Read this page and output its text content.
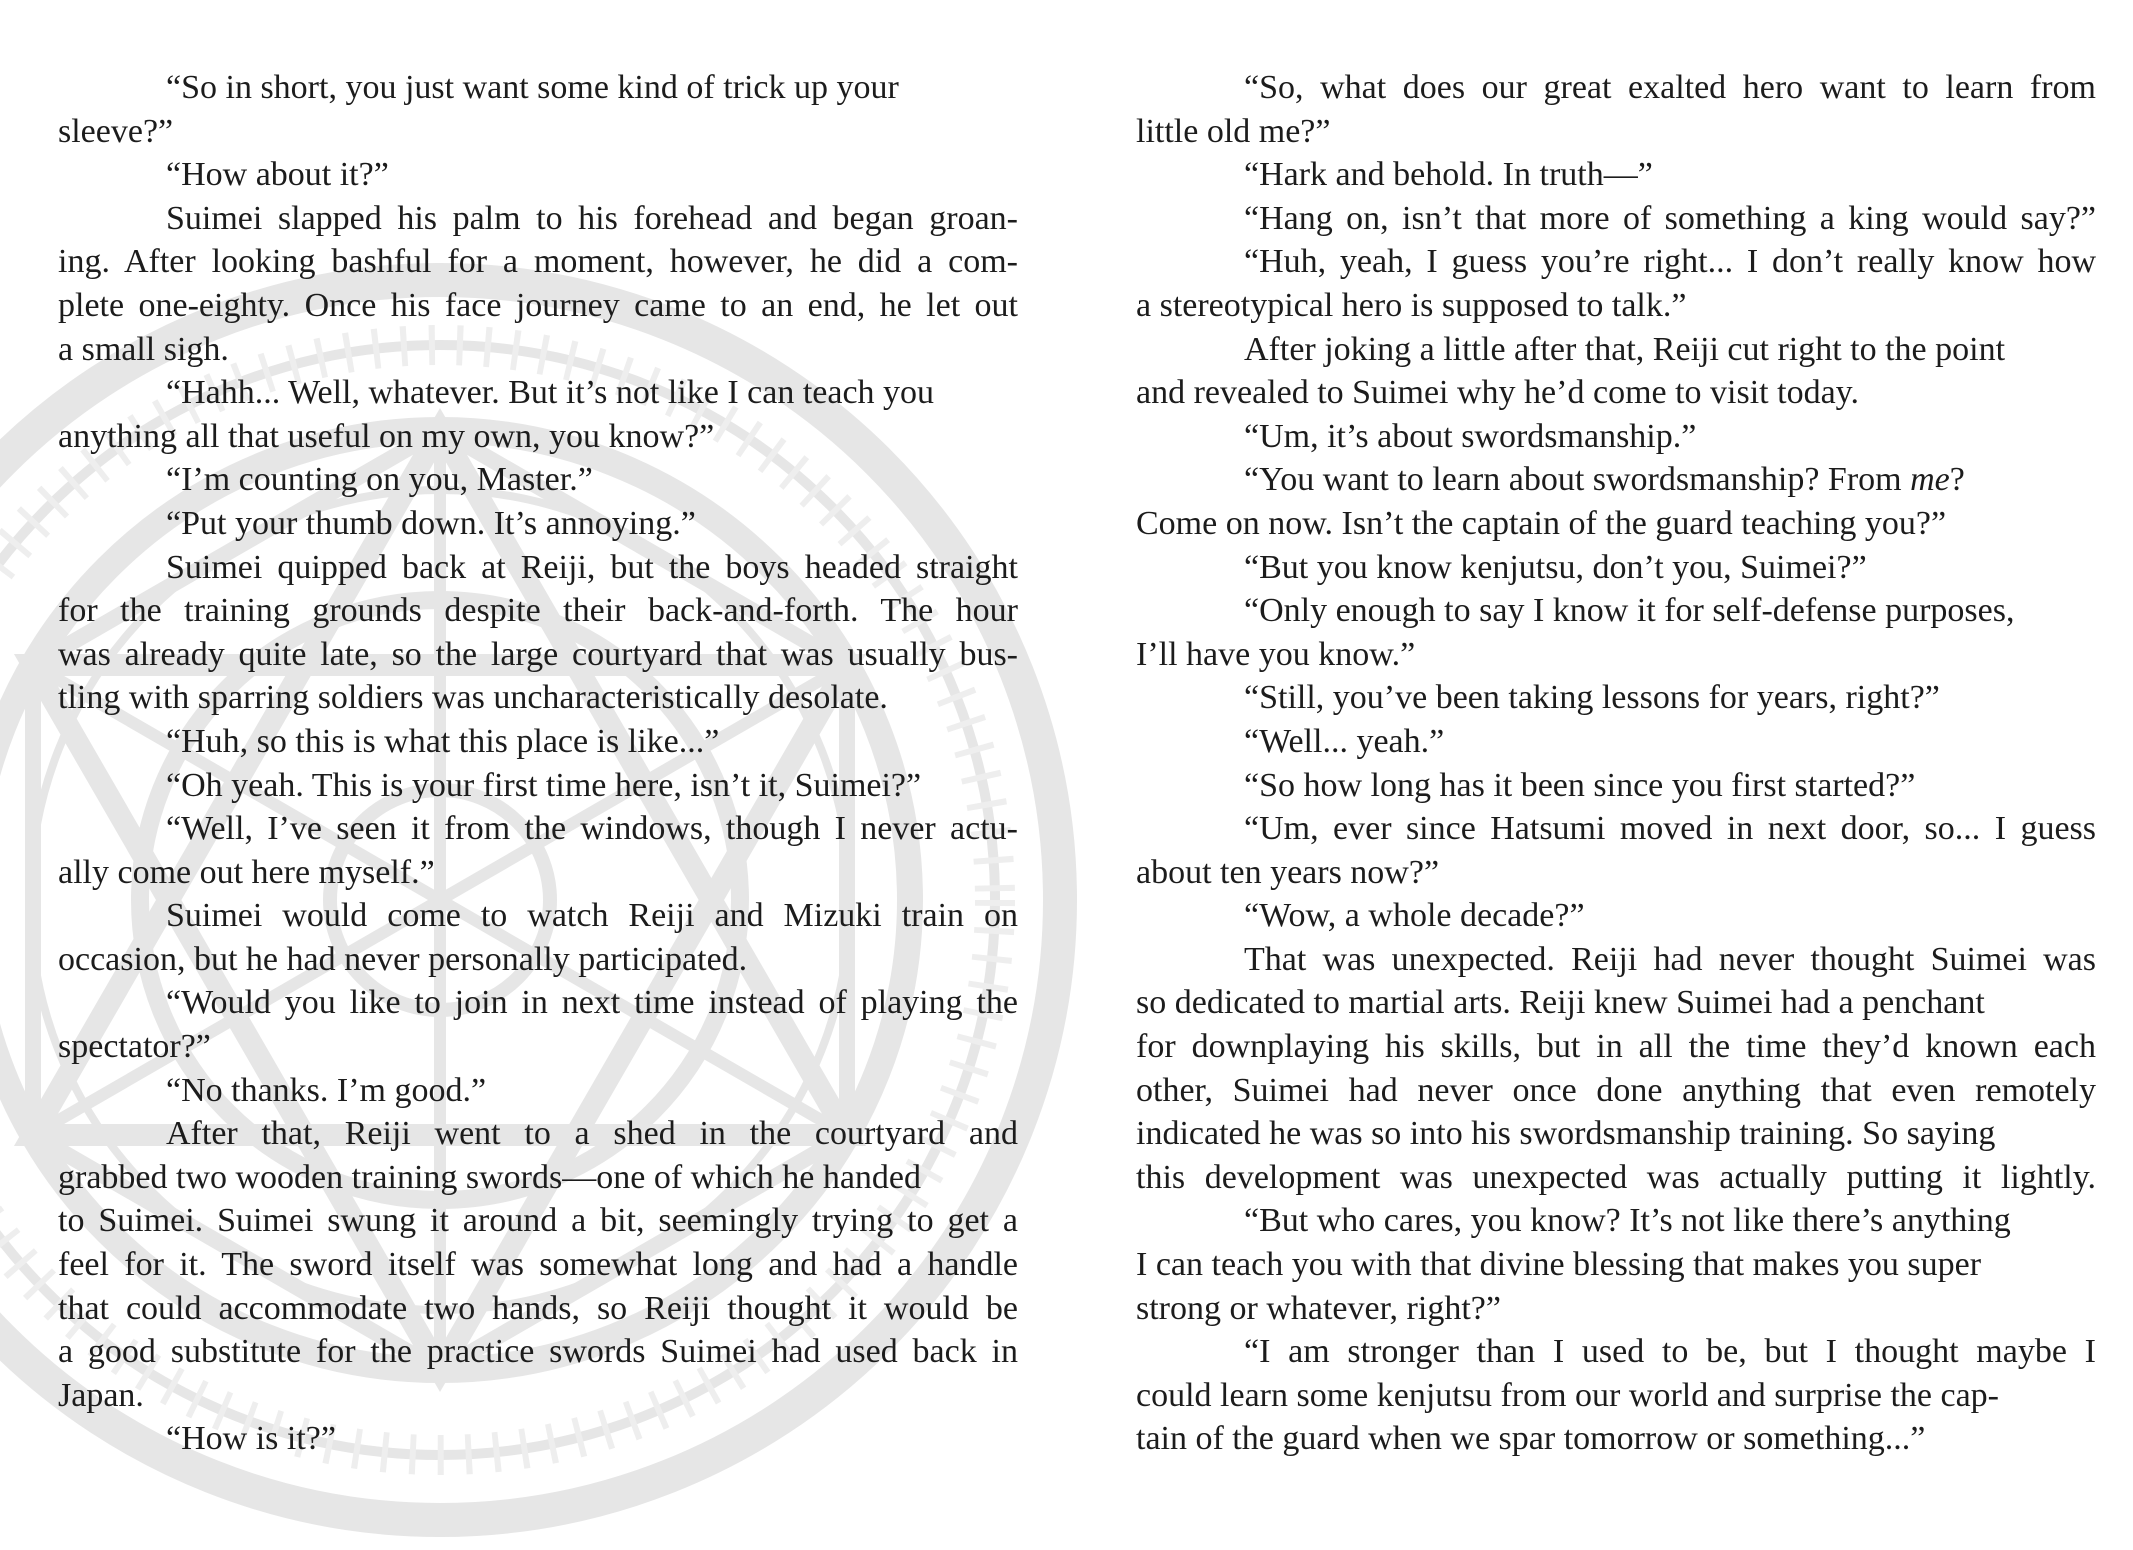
“So in short, you just want some kind of trick up your
sleeve?”
“How about it?”
Suimei slapped his palm to his forehead and began groan-
ing. After looking bashful for a moment, however, he did a com-
plete one-eighty. Once his face journey came to an end, he let out
a small sigh.
“Hahh... Well, whatever. But it’s not like I can teach you
anything all that useful on my own, you know?”
“I’m counting on you, Master.”
“Put your thumb down. It’s annoying.”
Suimei quipped back at Reiji, but the boys headed straight
for the training grounds despite their back-and-forth. The hour
was already quite late, so the large courtyard that was usually bus-
tling with sparring soldiers was uncharacteristically desolate.
“Huh, so this is what this place is like...”
“Oh yeah. This is your first time here, isn’t it, Suimei?”
“Well, I’ve seen it from the windows, though I never actu-
ally come out here myself.”
Suimei would come to watch Reiji and Mizuki train on
occasion, but he had never personally participated.
“Would you like to join in next time instead of playing the
spectator?”
“No thanks. I’m good.”
After that, Reiji went to a shed in the courtyard and
grabbed two wooden training swords—one of which he handed
to Suimei. Suimei swung it around a bit, seemingly trying to get a
feel for it. The sword itself was somewhat long and had a handle
that could accommodate two hands, so Reiji thought it would be
a good substitute for the practice swords Suimei had used back in
Japan.
“How is it?”
“So, what does our great exalted hero want to learn from
little old me?”
“Hark and behold. In truth—”
“Hang on, isn’t that more of something a king would say?”
“Huh, yeah, I guess you’re right... I don’t really know how
a stereotypical hero is supposed to talk.”
After joking a little after that, Reiji cut right to the point
and revealed to Suimei why he’d come to visit today.
“Um, it’s about swordsmanship.”
“You want to learn about swordsmanship? From me?
Come on now. Isn’t the captain of the guard teaching you?”
“But you know kenjutsu, don’t you, Suimei?”
“Only enough to say I know it for self-defense purposes,
I’ll have you know.”
“Still, you’ve been taking lessons for years, right?”
“Well... yeah.”
“So how long has it been since you first started?”
“Um, ever since Hatsumi moved in next door, so... I guess
about ten years now?”
“Wow, a whole decade?”
That was unexpected. Reiji had never thought Suimei was
so dedicated to martial arts. Reiji knew Suimei had a penchant
for downplaying his skills, but in all the time they’d known each
other, Suimei had never once done anything that even remotely
indicated he was so into his swordsmanship training. So saying
this development was unexpected was actually putting it lightly.
“But who cares, you know? It’s not like there’s anything
I can teach you with that divine blessing that makes you super
strong or whatever, right?”
“I am stronger than I used to be, but I thought maybe I
could learn some kenjutsu from our world and surprise the cap-
tain of the guard when we spar tomorrow or something...”
